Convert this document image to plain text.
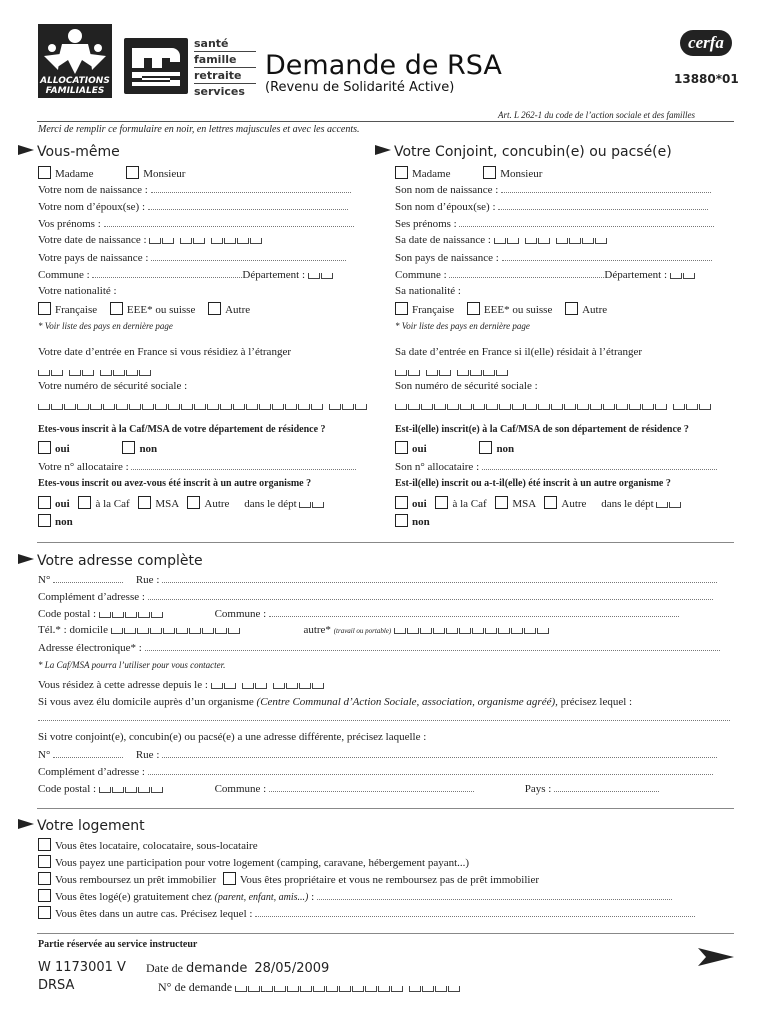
ALLOCATIONS
FAMILIALES
santé
famille
retraite
services
Demande de RSA
(Revenu de Solidarité Active)
cerfa
13880*01
Art. L 262-1 du code de l’action sociale et des familles
Merci de remplir ce formulaire en noir, en lettres majuscules et avec les accents.
Vous-même	Votre Conjoint, concubin(e) ou pacsé(e)
Madame	Monsieur
Votre nom de naissance :
Votre nom d’époux(se) :
Vos prénoms :
Votre date de naissance :
Votre pays de naissance :
Commune :	Département :
Votre nationalité :
Française	EEE* ou suisse	Autre
* Voir liste des pays en dernière page
Votre date d’entrée en France si vous résidiez à l’étranger
Votre numéro de sécurité sociale :
Etes-vous inscrit à la Caf/MSA de votre département de résidence ?
oui	non
Votre n° allocataire :
Etes-vous inscrit ou avez-vous été inscrit à un autre organisme ?
oui à la Caf MSA Autre dans le dépt
non
Madame	Monsieur
Son nom de naissance :
Son nom d’époux(se) :
Ses prénoms :
Sa date de naissance :
Son pays de naissance :
Commune :	Département :
Sa nationalité :
Française	EEE* ou suisse	Autre
* Voir liste des pays en dernière page
Sa date d’entrée en France si il(elle) résidait à l’étranger
Son numéro de sécurité sociale :
Est-il(elle) inscrit(e) à la Caf/MSA de son département de résidence ?
oui	non
Son n° allocataire :
Est-il(elle) inscrit ou a-t-il(elle) été inscrit à un autre organisme ?
oui à la Caf MSA Autre dans le dépt
non
Votre adresse complète
N°	Rue :
Complément d’adresse :
Code postal :	Commune :
Tél.* : domicile	autre* (travail ou portable)
Adresse électronique* :
* La Caf/MSA pourra l’utiliser pour vous contacter.
Vous résidez à cette adresse depuis le :
Si vous avez élu domicile auprès d’un organisme (Centre Communal d’Action Sociale, association, organisme agréé), précisez lequel :
Si votre conjoint(e), concubin(e) ou pacsé(e) a une adresse différente, précisez laquelle :
N°	Rue :
Complément d’adresse :
Code postal :	Commune :	Pays :
Votre logement
Vous êtes locataire, colocataire, sous-locataire
Vous payez une participation pour votre logement (camping, caravane, hébergement payant...)
Vous remboursez un prêt immobilier Vous êtes propriétaire et vous ne remboursez pas de prêt immobilier
Vous êtes logé(e) gratuitement chez (parent, enfant, amis...) :
Vous êtes dans un autre cas. Précisez lequel :
Partie réservée au service instructeur
W 1173001 V
DRSA
Date de demande 28/05/2009
N° de demande
